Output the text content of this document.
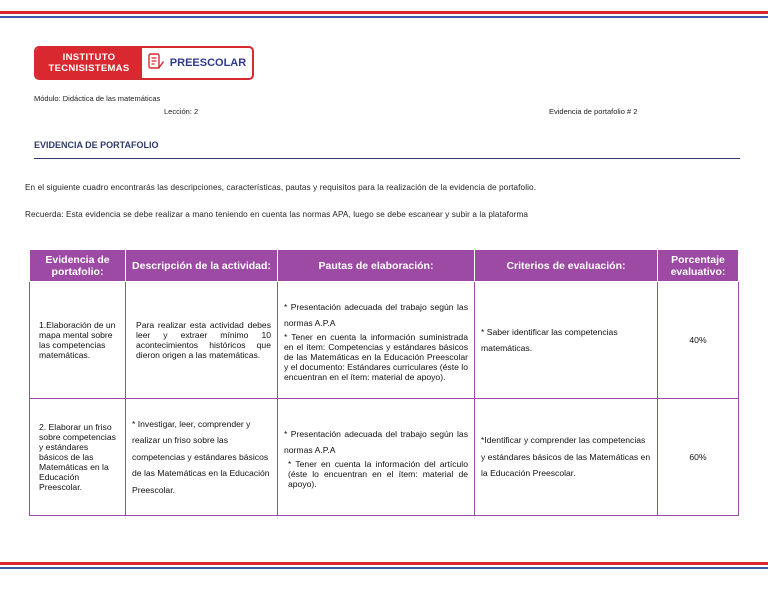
INSTITUTO
TECNISISTEMAS	PREESCOLAR
Módulo: Didáctica de las matemáticas
Lección: 2	Evidencia de portafolio # 2
EVIDENCIA DE PORTAFOLIO
En el siguiente cuadro encontrarás las descripciones, características, pautas y requisitos para la realización de la evidencia de portafolio.
Recuerda: Esta evidencia se debe realizar a mano teniendo en cuenta las normas APA, luego se debe escanear y subir a la plataforma
Evidencia de portafolio:	Descripción de la actividad:	Pautas de elaboración:	Criterios de evaluación:	Porcentaje evaluativo:
1.Elaboración de un mapa mental sobre las competencias matemáticas.	Para realizar esta actividad debes leer y extraer mínimo 10 acontecimientos históricos que dieron origen a las matemáticas.	* Presentación adecuada del trabajo según las normas A.P.A
* Tener en cuenta la información suministrada en el ítem: Competencias y estándares básicos de las Matemáticas en la Educación Preescolar y el documento: Estándares curriculares (éste lo encuentran en el ítem: material de apoyo).	* Saber identificar las competencias matemáticas.	40%
2. Elaborar un friso sobre competencias y estándares básicos de las Matemáticas en la Educación Preescolar.	* Investigar, leer, comprender y realizar un friso sobre las competencias y estándares básicos de las Matemáticas en la Educación Preescolar.	* Presentación adecuada del trabajo según las normas A.P.A
* Tener en cuenta la información del artículo (éste lo encuentran en el ítem: material de apoyo).	*Identificar y comprender las competencias y estándares básicos de las Matemáticas en la Educación Preescolar.	60%
